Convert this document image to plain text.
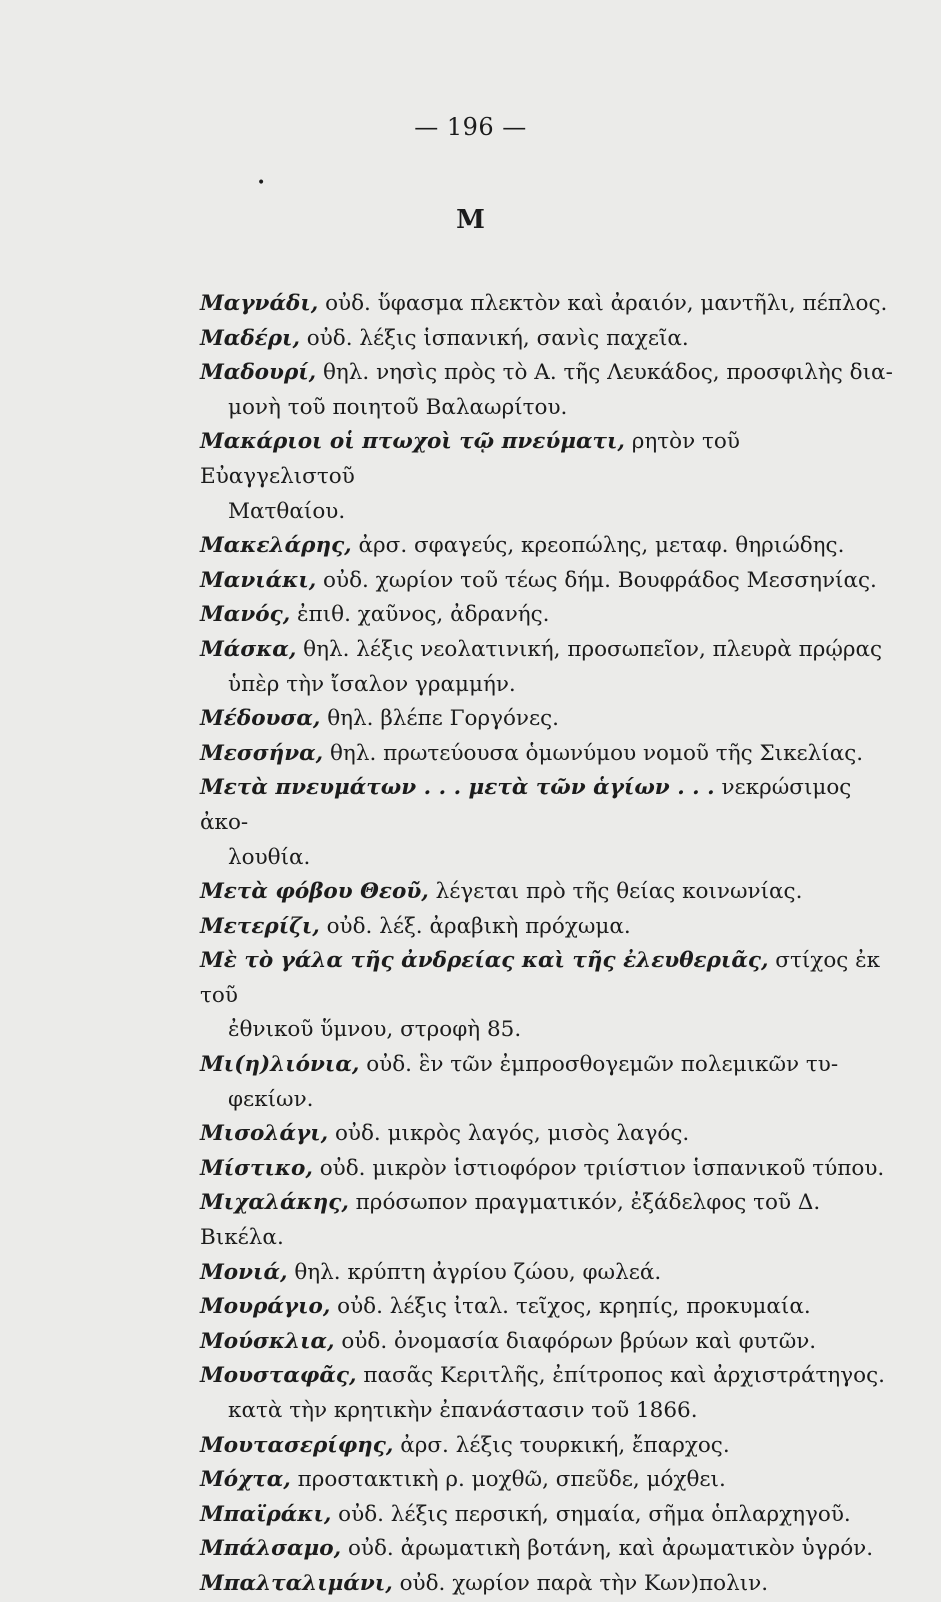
— 196 —
•
Μ
Μαγνάδι, οὐδ. ὕφασμα πλεκτὸν καὶ ἀραιόν, μαντῆλι, πέπλος.
Μαδέρι, οὐδ. λέξις ἱσπανική, σανὶς παχεῖα.
Μαδουρί, θηλ. νησὶς πρὸς τὸ Α. τῆς Λευκάδος, προσφιλὴς δια-
μονὴ τοῦ ποιητοῦ Βαλαωρίτου.
Μακάριοι οἱ πτωχοὶ τῷ πνεύματι, ρητὸν τοῦ Εὐαγγελιστοῦ
Ματθαίου.
Μακελάρης, ἀρσ. σφαγεύς, κρεοπώλης, μεταφ. θηριώδης.
Μανιάκι, οὐδ. χωρίον τοῦ τέως δήμ. Βουφράδος Μεσσηνίας.
Μανός, ἐπιθ. χαῦνος, ἀδρανής.
Μάσκα, θηλ. λέξις νεολατινική, προσωπεῖον, πλευρὰ πρῴρας
ὑπὲρ τὴν ἴσαλον γραμμήν.
Μέδουσα, θηλ. βλέπε Γοργόνες.
Μεσσήνα, θηλ. πρωτεύουσα ὁμωνύμου νομοῦ τῆς Σικελίας.
Μετὰ πνευμάτων . . . μετὰ τῶν ἁγίων . . . νεκρώσιμος ἀκο-
λουθία.
Μετὰ φόβου Θεοῦ, λέγεται πρὸ τῆς θείας κοινωνίας.
Μετερίζι, οὐδ. λέξ. ἀραβικὴ πρόχωμα.
Μὲ τὸ γάλα τῆς ἀνδρείας καὶ τῆς ἐλευθεριᾶς, στίχος ἐκ τοῦ
ἐθνικοῦ ὕμνου, στροφὴ 85.
Μι(η)λιόνια, οὐδ. ἓν τῶν ἐμπροσθογεμῶν πολεμικῶν τυ-
φεκίων.
Μισολάγι, οὐδ. μικρὸς λαγός, μισὸς λαγός.
Μίστικο, οὐδ. μικρὸν ἱστιοφόρον τριίστιον ἱσπανικοῦ τύπου.
Μιχαλάκης, πρόσωπον πραγματικόν, ἐξάδελφος τοῦ Δ. Βικέλα.
Μονιά, θηλ. κρύπτη ἀγρίου ζώου, φωλεά.
Μουράγιο, οὐδ. λέξις ἰταλ. τεῖχος, κρηπίς, προκυμαία.
Μούσκλια, οὐδ. ὀνομασία διαφόρων βρύων καὶ φυτῶν.
Μουσταφᾶς, πασᾶς Κεριτλῆς, ἐπίτροπος καὶ ἀρχιστράτηγος.
κατὰ τὴν κρητικὴν ἐπανάστασιν τοῦ 1866.
Μουτασερίφης, ἀρσ. λέξις τουρκική, ἔπαρχος.
Μόχτα, προστακτικὴ ρ. μοχθῶ, σπεῦδε, μόχθει.
Μπαϊράκι, οὐδ. λέξις περσική, σημαία, σῆμα ὁπλαρχηγοῦ.
Μπάλσαμο, οὐδ. ἀρωματικὴ βοτάνη, καὶ ἀρωματικὸν ὑγρόν.
Μπαλταλιμάνι, οὐδ. χωρίον παρὰ τὴν Κων)πολιν.
